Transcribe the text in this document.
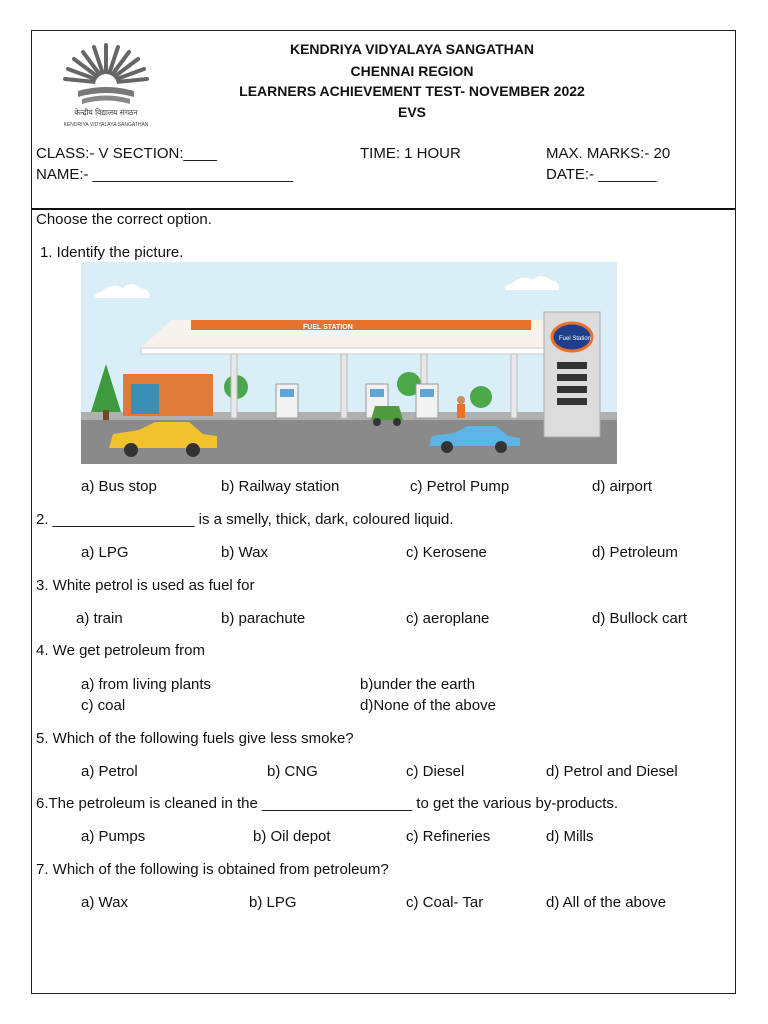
केन्द्रीय विद्यालय संगठन
KENDRIYA VIDYALAYA SANGATHAN
KENDRIYA VIDYALAYA SANGATHAN
CHENNAI REGION
LEARNERS ACHIEVEMENT TEST- NOVEMBER 2022
EVS
CLASS:- V SECTION:____	TIME: 1 HOUR	MAX. MARKS:- 20
NAME:- ________________________	DATE:- _______
Choose the correct option.
1. Identify the picture.
FUEL STATION
Fuel Station
a) Bus stop	b) Railway station	c) Petrol Pump	d) airport
2. _________________ is a smelly, thick, dark, coloured liquid.
a) LPG	b) Wax	c) Kerosene	d) Petroleum
3. White petrol is used as fuel for
a) train	b) parachute	c) aeroplane	d) Bullock cart
4. We get petroleum from
a) from living plants	b)under the earth
c) coal	d)None of the above
5. Which of the following fuels give less smoke?
a) Petrol	b) CNG	c) Diesel	d) Petrol and Diesel
6.The petroleum is cleaned in the __________________ to get the various by-products.
a) Pumps	b) Oil depot	c) Refineries	d) Mills
7. Which of the following is obtained from petroleum?
a) Wax	b) LPG	c) Coal- Tar	d) All of the above
